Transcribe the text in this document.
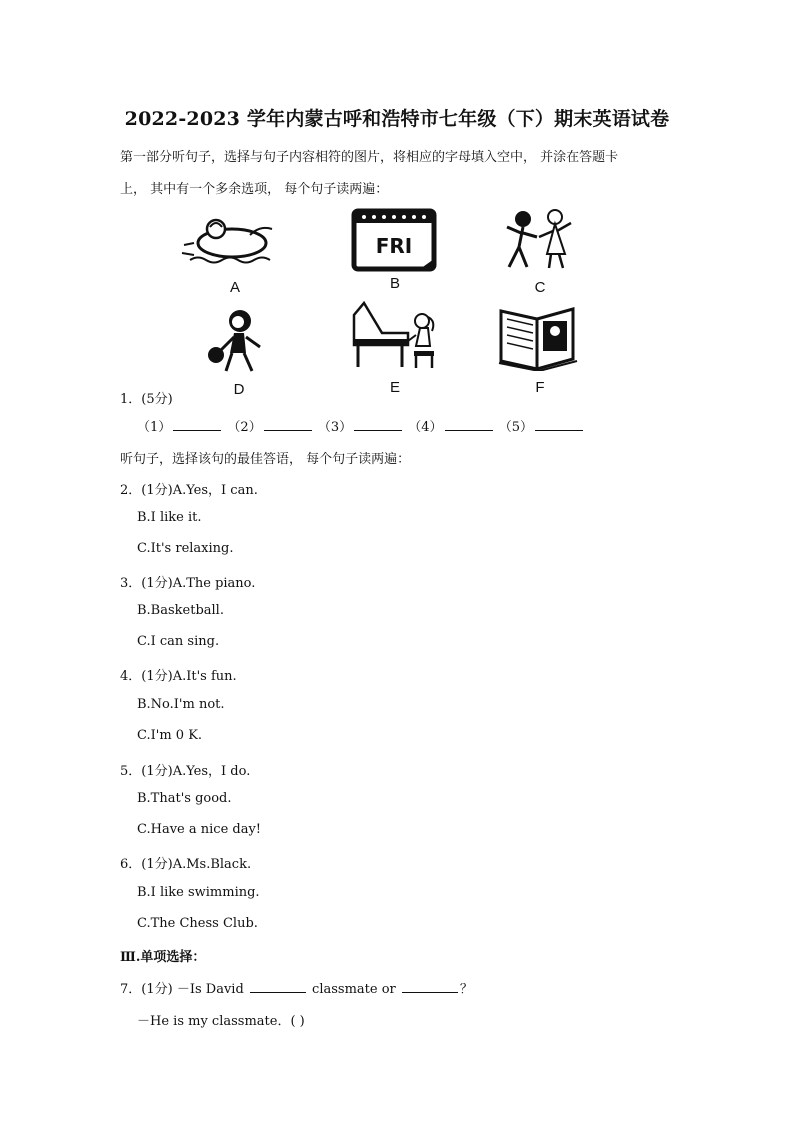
2022-2023 学年内蒙古呼和浩特市七年级（下）期末英语试卷
第一部分听句子，选择与句子内容相符的图片，将相应的字母填入空中， 并涂在答题卡
上， 其中有一个多余选项， 每个句子读两遍：
A
FRI
B	C
D	E	F
1．(5分)
（1）	（2）	（3）	（4）	（5）
听句子，选择该句的最佳答语， 每个句子读两遍：
2．(1分)A.Yes，I can.
B.I like it.
C.It's relaxing.
3．(1分)A.The piano.
B.Basketball.
C.I can sing.
4．(1分)A.It's fun.
B.No.I'm not.
C.I'm 0 K.
5．(1分)A.Yes，I do.
B.That's good.
C.Have a nice day!
6．(1分)A.Ms.Black.
B.I like swimming.
C.The Chess Club.
Ⅲ.单项选择：
7．(1分) －Is David	classmate or	？
－He is my classmate．( )
